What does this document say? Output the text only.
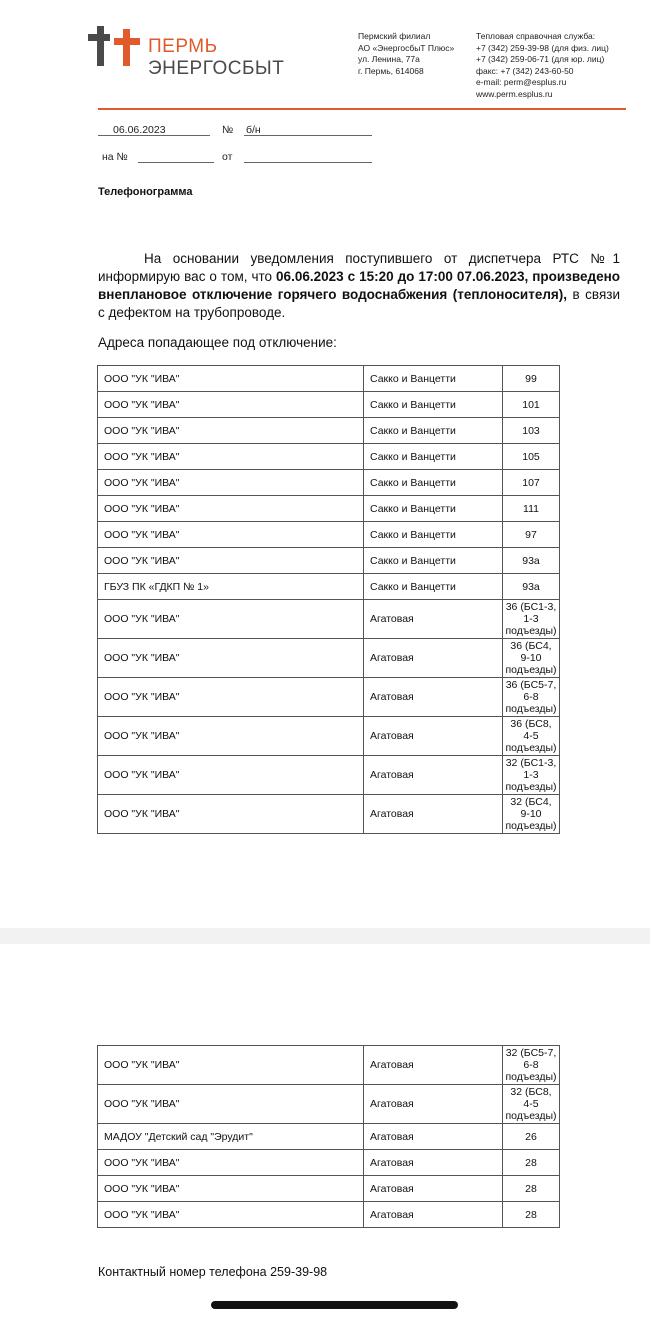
ПЕРМЬ
ЭНЕРГОСБЫТ

Пермский филиал

АО «ЭнергосбыТ Плюс»

ул. Ленина, 77а

г. Пермь, 614068

Тепловая справочная служба:

+7 (342) 259-39-98 (для физ. лиц)

+7 (342) 259-06-71 (для юр. лиц)

факс: +7 (342) 243-60-50

e-mail: perm@esplus.ru

www.perm.esplus.ru

06.06.2023	№ б/н
на №	от
Телефонограмма
На основании уведомления поступившего от диспетчера РТС №1 информирую вас о том, что 06.06.2023 с 15:20 до 17:00 07.06.2023, произведено внеплановое отключение горячего водоснабжения (теплоносителя), в связи с дефектом на трубопроводе.
Адреса попадающее под отключение:
ООО "УК "ИВА"	Сакко и Ванцетти	99
ООО "УК "ИВА"	Сакко и Ванцетти	101
ООО "УК "ИВА"	Сакко и Ванцетти	103
ООО "УК "ИВА"	Сакко и Ванцетти	105
ООО "УК "ИВА"	Сакко и Ванцетти	107
ООО "УК "ИВА"	Сакко и Ванцетти	111
ООО "УК "ИВА"	Сакко и Ванцетти	97
ООО "УК "ИВА"	Сакко и Ванцетти	93а
ГБУЗ ПК «ГДКП № 1»	Сакко и Ванцетти	93а
ООО "УК "ИВА"	Агатовая	36 (БС1-3, 1-3 подъезды)
ООО "УК "ИВА"	Агатовая	36 (БС4, 9-10 подъезды)
ООО "УК "ИВА"	Агатовая	36 (БС5-7, 6-8 подъезды)
ООО "УК "ИВА"	Агатовая	36 (БС8, 4-5 подъезды)
ООО "УК "ИВА"	Агатовая	32 (БС1-3, 1-3 подъезды)
ООО "УК "ИВА"	Агатовая	32 (БС4, 9-10 подъезды)
ООО "УК "ИВА"	Агатовая	32 (БС5-7, 6-8 подъезды)
ООО "УК "ИВА"	Агатовая	32 (БС8, 4-5 подъезды)
МАДОУ "Детский сад "Эрудит"	Агатовая	26
ООО "УК "ИВА"	Агатовая	28
ООО "УК "ИВА"	Агатовая	28
ООО "УК "ИВА"	Агатовая	28
Контактный номер телефона 259-39-98
